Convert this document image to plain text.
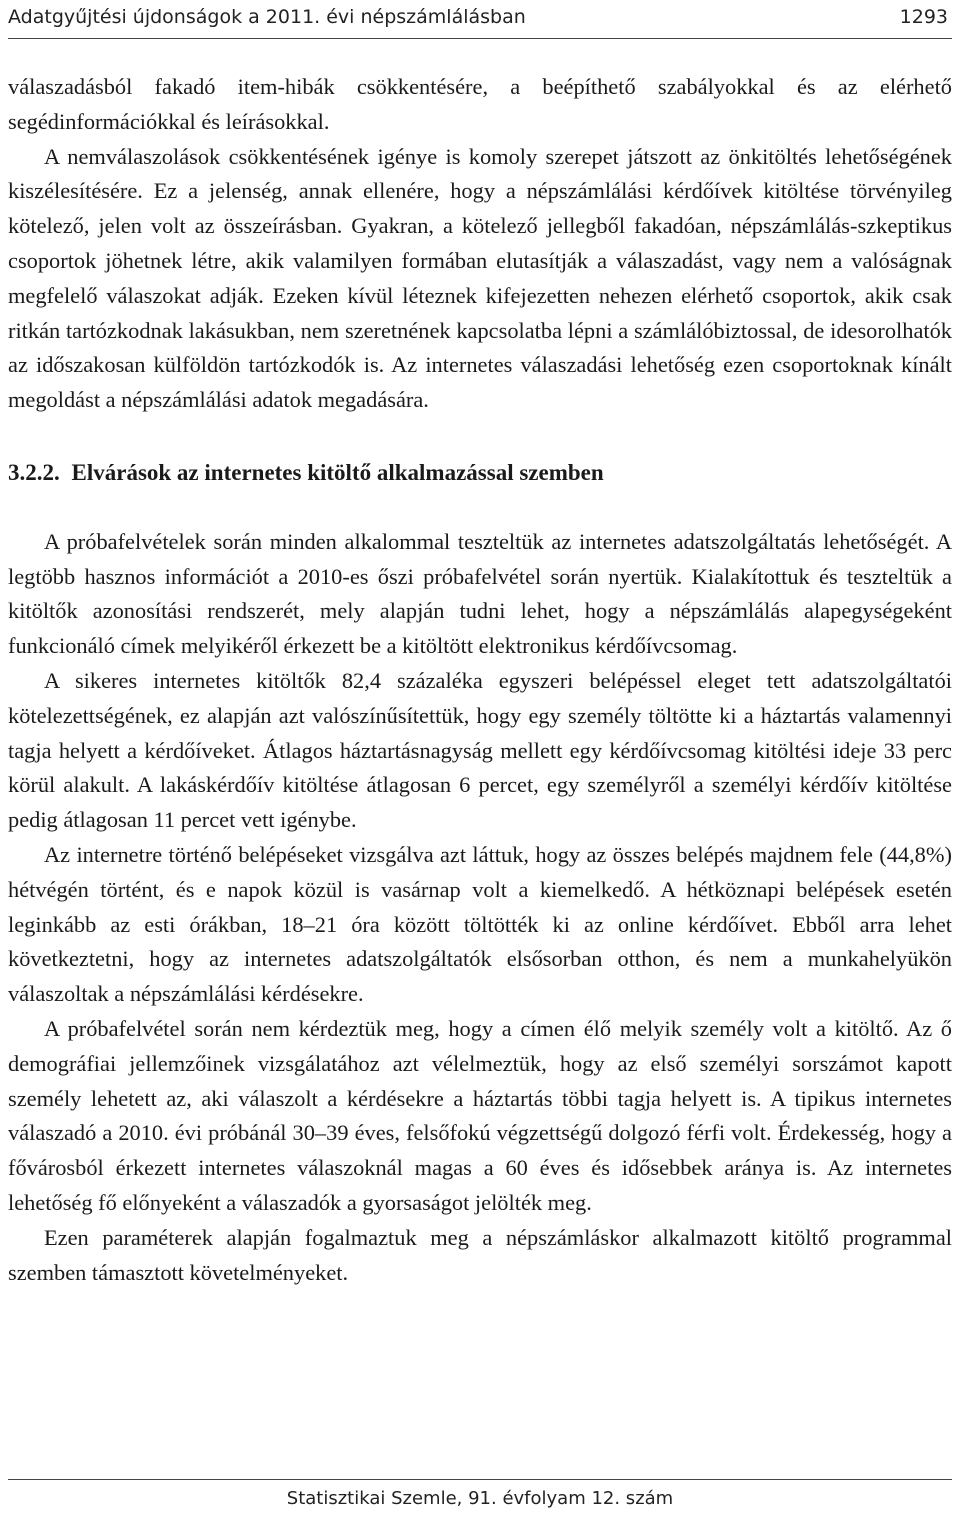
Adatgyűjtési újdonságok a 2011. évi népszámlálásban	1293

válaszadásból fakadó item-hibák csökkentésére, a beépíthető szabályokkal és az elérhető segédinformációkkal és leírásokkal.

A nemválaszolások csökkentésének igénye is komoly szerepet játszott az önkitöltés lehetőségének kiszélesítésére. Ez a jelenség, annak ellenére, hogy a népszámlálási kérdőívek kitöltése törvényileg kötelező, jelen volt az összeírásban. Gyakran, a kötelező jellegből fakadóan, népszámlálás-szkeptikus csoportok jöhetnek létre, akik valamilyen formában elutasítják a válaszadást, vagy nem a valóságnak megfelelő válaszokat adják. Ezeken kívül léteznek kifejezetten nehezen elérhető csoportok, akik csak ritkán tartózkodnak lakásukban, nem szeretnének kapcsolatba lépni a számlálóbiztossal, de idesorolhatók az időszakosan külföldön tartózkodók is. Az internetes válaszadási lehetőség ezen csoportoknak kínált megoldást a népszámlálási adatok megadására.

3.2.2. Elvárások az internetes kitöltő alkalmazással szemben

A próbafelvételek során minden alkalommal teszteltük az internetes adatszolgáltatás lehetőségét. A legtöbb hasznos információt a 2010-es őszi próbafelvétel során nyertük. Kialakítottuk és teszteltük a kitöltők azonosítási rendszerét, mely alapján tudni lehet, hogy a népszámlálás alapegységeként funkcionáló címek melyikéről érkezett be a kitöltött elektronikus kérdőívcsomag.

A sikeres internetes kitöltők 82,4 százaléka egyszeri belépéssel eleget tett adatszolgáltatói kötelezettségének, ez alapján azt valószínűsítettük, hogy egy személy töltötte ki a háztartás valamennyi tagja helyett a kérdőíveket. Átlagos háztartásnagyság mellett egy kérdőívcsomag kitöltési ideje 33 perc körül alakult. A lakáskérdőív kitöltése átlagosan 6 percet, egy személyről a személyi kérdőív kitöltése pedig átlagosan 11 percet vett igénybe.

Az internetre történő belépéseket vizsgálva azt láttuk, hogy az összes belépés majdnem fele (44,8%) hétvégén történt, és e napok közül is vasárnap volt a kiemelkedő. A hétköznapi belépések esetén leginkább az esti órákban, 18–21 óra között töltötték ki az online kérdőívet. Ebből arra lehet következtetni, hogy az internetes adatszolgáltatók elsősorban otthon, és nem a munkahelyükön válaszoltak a népszámlálási kérdésekre.

A próbafelvétel során nem kérdeztük meg, hogy a címen élő melyik személy volt a kitöltő. Az ő demográfiai jellemzőinek vizsgálatához azt vélelmeztük, hogy az első személyi sorszámot kapott személy lehetett az, aki válaszolt a kérdésekre a háztartás többi tagja helyett is. A tipikus internetes válaszadó a 2010. évi próbánál 30–39 éves, felsőfokú végzettségű dolgozó férfi volt. Érdekesség, hogy a fővárosból érkezett internetes válaszoknál magas a 60 éves és idősebbek aránya is. Az internetes lehetőség fő előnyeként a válaszadók a gyorsaságot jelölték meg.

Ezen paraméterek alapján fogalmaztuk meg a népszámláskor alkalmazott kitöltő programmal szemben támasztott követelményeket.

Statisztikai Szemle, 91. évfolyam 12. szám
